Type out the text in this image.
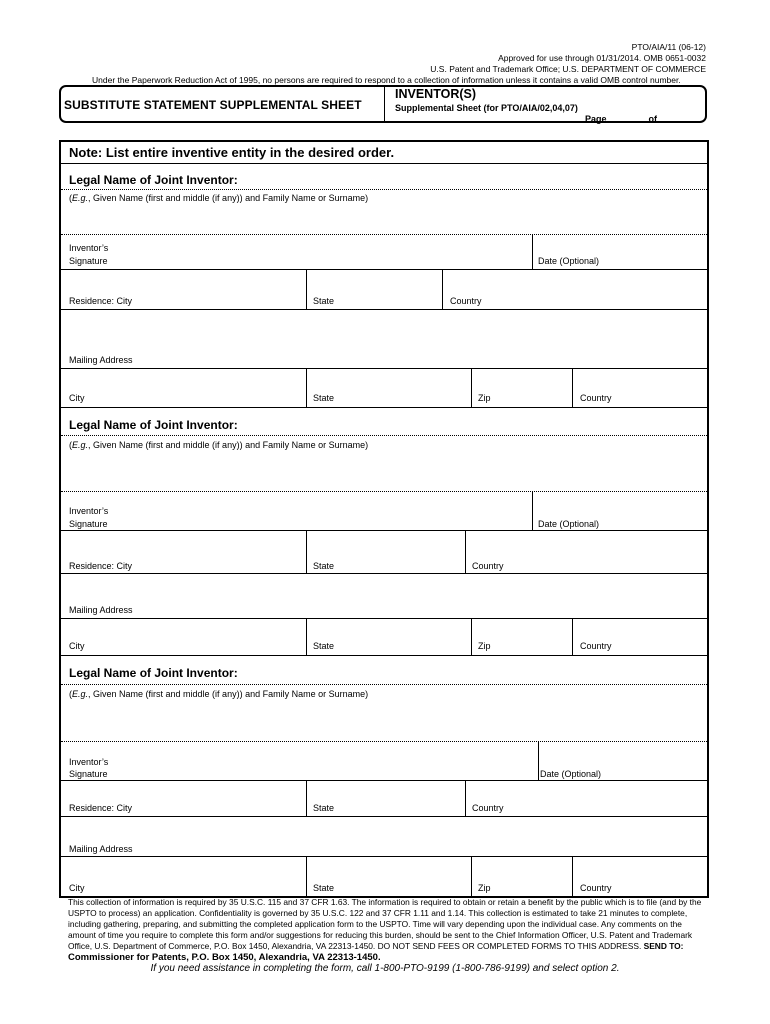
PTO/AIA/11 (06-12)
Approved for use through 01/31/2014. OMB 0651-0032
U.S. Patent and Trademark Office; U.S. DEPARTMENT OF COMMERCE
Under the Paperwork Reduction Act of 1995, no persons are required to respond to a collection of information unless it contains a valid OMB control number.
SUBSTITUTE STATEMENT SUPPLEMENTAL SHEET
INVENTOR(S)
Supplemental Sheet (for PTO/AIA/02,04,07)
Page	of
Note: List entire inventive entity in the desired order.
Legal Name of Joint Inventor:
(E.g., Given Name (first and middle (if any)) and Family Name or Surname)
Inventor’s
Signature	Date (Optional)
Residence: City	State	Country
Mailing Address
City	State	Zip	Country
Legal Name of Joint Inventor:
(E.g., Given Name (first and middle (if any)) and Family Name or Surname)
Inventor’s
Signature	Date (Optional)
Residence: City	State	Country
Mailing Address
City	State	Zip	Country
Legal Name of Joint Inventor:
(E.g., Given Name (first and middle (if any)) and Family Name or Surname)
Inventor’s
Signature	Date (Optional)
Residence: City	State	Country
Mailing Address
City	State	Zip	Country
This collection of information is required by 35 U.S.C. 115 and 37 CFR 1.63. The information is required to obtain or retain a benefit by the public which is to file (and by the USPTO to process) an application. Confidentiality is governed by 35 U.S.C. 122 and 37 CFR 1.11 and 1.14. This collection is estimated to take 21 minutes to complete, including gathering, preparing, and submitting the completed application form to the USPTO. Time will vary depending upon the individual case. Any comments on the amount of time you require to complete this form and/or suggestions for reducing this burden, should be sent to the Chief Information Officer, U.S. Patent and Trademark Office, U.S. Department of Commerce, P.O. Box 1450, Alexandria, VA 22313-1450. DO NOT SEND FEES OR COMPLETED FORMS TO THIS ADDRESS. SEND TO: Commissioner for Patents, P.O. Box 1450, Alexandria, VA 22313-1450.
If you need assistance in completing the form, call 1-800-PTO-9199 (1-800-786-9199) and select option 2.
